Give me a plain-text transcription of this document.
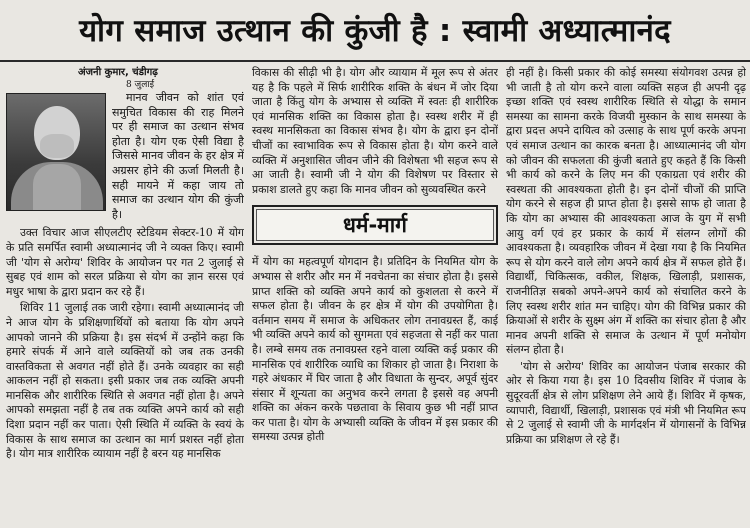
योग समाज उत्थान की कुंजी है : स्वामी अध्यात्मानंद
अंजनी कुमार, चंडीगढ़
8 जुलाई

मानव जीवन को शांत एवं समुचित विकास की राह मिलने पर ही समाज का उत्थान संभव होता है। योग एक ऐसी विद्या है जिससे मानव जीवन के हर क्षेत्र में अग्रसर होने की ऊर्जा मिलती है। सही मायने में कहा जाय तो समाज का उत्थान योग की कुंजी है।

उक्त विचार आज सीएलटीए स्टेडियम सेक्टर-10 में योग के प्रति समर्पित स्वामी अध्यात्मानंद जी ने व्यक्त किए। स्वामी जी 'योग से अरोग्य' शिविर के आयोजन पर गत 2 जुलाई से सुबह एवं शाम को सरल प्रक्रिया से योग का ज्ञान सरस एवं मधुर भाषा के द्वारा प्रदान कर रहे हैं।

शिविर 11 जुलाई तक जारी रहेगा। स्वामी अध्यात्मानंद जी ने आज योग के प्रशिक्षणार्थियों को बताया कि योग अपने आपको जानने की प्रक्रिया है। इस संदर्भ में उन्होंने कहा कि हमारे संपर्क में आने वाले व्यक्तियों को जब तक उनकी वास्तविकता से अवगत नहीं होते हैं। उनके व्यवहार का सही आकलन नहीं हो सकता। इसी प्रकार जब तक व्यक्ति अपनी मानसिक और शारीरिक स्थिति से अवगत नहीं होता है। अपने आपको समझता नहीं है तब तक व्यक्ति अपने कार्य को सही दिशा प्रदान नहीं कर पाता। ऐसी स्थिति में व्यक्ति के स्वयं के विकास के साथ समाज का उत्थान का मार्ग प्रशस्त नहीं होता है। योग मात्र शारीरिक व्यायाम नहीं है बरन यह मानसिक

विकास की सीढ़ी भी है। योग और व्यायाम में मूल रूप से अंतर यह है कि पहले में सिर्फ शारीरिक शक्ति के बंधन में जोर दिया जाता है किंतु योग के अभ्यास से व्यक्ति में स्वतः ही शारीरिक एवं मानसिक शक्ति का विकास होता है। स्वस्थ शरीर में ही स्वस्थ मानसिकता का विकास संभव है। योग के द्वारा इन दोनों चीजों का स्वाभाविक रूप से विकास होता है। योग करने वाले व्यक्ति में अनुशासित जीवन जीने की विशेषता भी सहज रूप से आ जाती है। स्वामी जी ने योग की विशेषण पर विस्तार से प्रकाश डालते हुए कहा कि मानव जीवन को सुव्यवस्थित करने

धर्म-मार्ग

में योग का महत्वपूर्ण योगदान है। प्रतिदिन के नियमित योग के अभ्यास से शरीर और मन में नवचेतना का संचार होता है। इससे प्राप्त शक्ति को व्यक्ति अपने कार्य को कुशलता से करने में सफल होता है। जीवन के हर क्षेत्र में योग की उपयोगिता है। वर्तमान समय में समाज के अधिकतर लोग तनावग्रस्त हैं, काई भी व्यक्ति अपने कार्य को सुगमता एवं सहजता से नहीं कर पाता है। लम्बे समय तक तनावग्रस्त रहने वाला व्यक्ति कई प्रकार की मानसिक एवं शारीरिक व्याधि का शिकार हो जाता है। निराशा के गहरे अंधकार में घिर जाता है और विधाता के सुन्दर, अपूर्व सुंदर संसार में शून्यता का अनुभव करने लगता है इससे वह अपनी शक्ति का अंकन करके पछतावा के सिवाय कुछ भी नहीं प्राप्त कर पाता है। योग के अभ्यासी व्यक्ति के जीवन में इस प्रकार की समस्या उत्पन्न होती

ही नहीं है। किसी प्रकार की कोई समस्या संयोगवश उत्पन्न हो भी जाती है तो योग करने वाला व्यक्ति सहज ही अपनी दृढ़ इच्छा शक्ति एवं स्वस्थ शारीरिक स्थिति से योद्धा के समान समस्या का सामना करके विजयी मुस्कान के साथ समस्या के द्वारा प्रदत्त अपने दायित्व को उत्साह के साथ पूर्ण करके अपना एवं समाज उत्थान का कारक बनता है। आध्यात्मानंद जी योग को जीवन की सफलता की कुंजी बताते हुए कहते हैं कि किसी भी कार्य को करने के लिए मन की एकाग्रता एवं शरीर की स्वस्थता की आवश्यकता होती है। इन दोनों चीजों की प्राप्ति योग करने से सहज ही प्राप्त होता है। इससे साफ हो जाता है कि योग का अभ्यास की आवश्यकता आज के युग में सभी आयु वर्ग एवं हर प्रकार के कार्य में संलग्न लोगों की आवश्यकता है। व्यवहारिक जीवन में देखा गया है कि नियमित रूप से योग करने वाले लोग अपने कार्य क्षेत्र में सफल होते हैं। विद्यार्थी, चिकित्सक, वकील, शिक्षक, खिलाड़ी, प्रशासक, राजनीतिज्ञ सबको अपने-अपने कार्य को संचालित करने के लिए स्वस्थ शरीर शांत मन चाहिए। योग की विभिन्न प्रकार की क्रियाओं से शरीर के सुक्ष्म अंग में शक्ति का संचार होता है और मानव अपनी शक्ति से समाज के उत्थान में पूर्ण मनोयोग संलग्न होता है।

'योग से अरोग्य' शिविर का आयोजन पंजाब सरकार की ओर से किया गया है। इस 10 दिवसीय शिविर में पंजाब के सुदूरवर्ती क्षेत्र से लोग प्रशिक्षण लेने आये हैं। शिविर में कृषक, व्यापारी, विद्यार्थी, खिलाड़ी, प्रशासक एवं मंत्री भी नियमित रूप से 2 जुलाई से स्वामी जी के मार्गदर्शन में योगासनों के विभिन्न प्रक्रिया का प्रशिक्षण ले रहे हैं।
